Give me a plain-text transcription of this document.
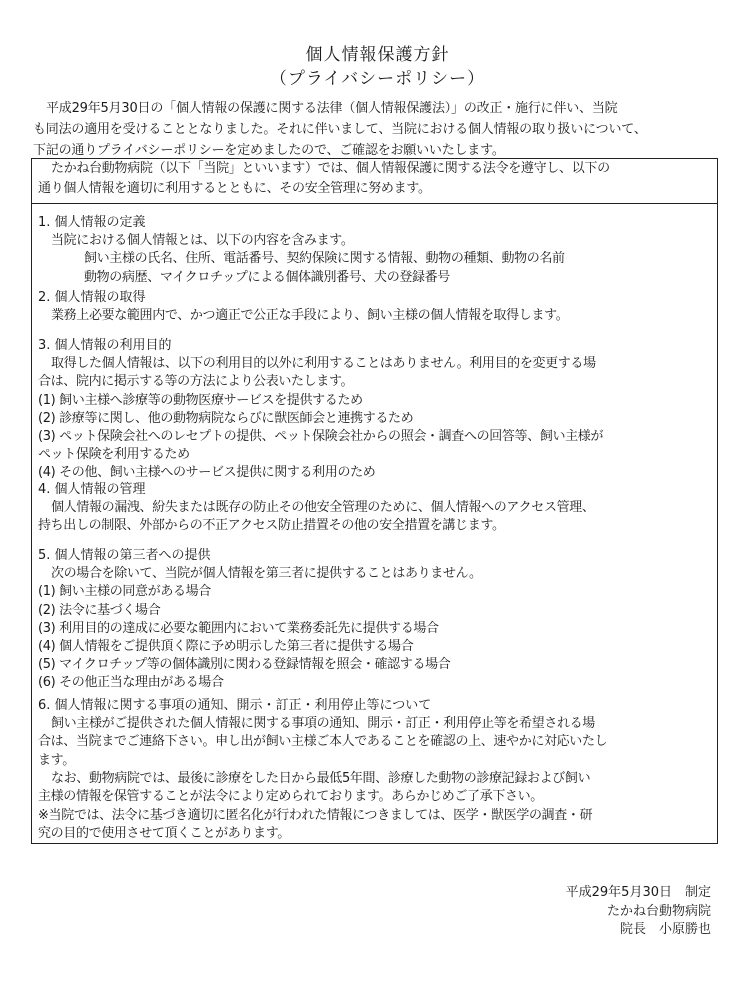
個人情報保護方針
（プライバシーポリシー）
平成29年5月30日の「個人情報の保護に関する法律（個人情報保護法）」の改正・施行に伴い、当院
も同法の適用を受けることとなりました。それに伴いまして、当院における個人情報の取り扱いについて、
下記の通りプライバシーポリシーを定めましたので、ご確認をお願いいたします。
たかね台動物病院（以下「当院」といいます）では、個人情報保護に関する法令を遵守し、以下の
通り個人情報を適切に利用するとともに、その安全管理に努めます。
1. 個人情報の定義
当院における個人情報とは、以下の内容を含みます。
飼い主様の氏名、住所、電話番号、契約保険に関する情報、動物の種類、動物の名前
動物の病歴、マイクロチップによる個体識別番号、犬の登録番号
2. 個人情報の取得
業務上必要な範囲内で、かつ適正で公正な手段により、飼い主様の個人情報を取得します。
3. 個人情報の利用目的
取得した個人情報は、以下の利用目的以外に利用することはありません。利用目的を変更する場
合は、院内に掲示する等の方法により公表いたします。
(1) 飼い主様へ診療等の動物医療サービスを提供するため
(2) 診療等に関し、他の動物病院ならびに獣医師会と連携するため
(3) ペット保険会社へのレセプトの提供、ペット保険会社からの照会・調査への回答等、飼い主様が
ペット保険を利用するため
(4) その他、飼い主様へのサービス提供に関する利用のため
4. 個人情報の管理
個人情報の漏洩、紛失または既存の防止その他安全管理のために、個人情報へのアクセス管理、
持ち出しの制限、外部からの不正アクセス防止措置その他の安全措置を講じます。
5. 個人情報の第三者への提供
次の場合を除いて、当院が個人情報を第三者に提供することはありません。
(1) 飼い主様の同意がある場合
(2) 法令に基づく場合
(3) 利用目的の達成に必要な範囲内において業務委託先に提供する場合
(4) 個人情報をご提供頂く際に予め明示した第三者に提供する場合
(5) マイクロチップ等の個体識別に関わる登録情報を照会・確認する場合
(6) その他正当な理由がある場合
6. 個人情報に関する事項の通知、開示・訂正・利用停止等について
飼い主様がご提供された個人情報に関する事項の通知、開示・訂正・利用停止等を希望される場
合は、当院までご連絡下さい。申し出が飼い主様ご本人であることを確認の上、速やかに対応いたし
ます。
なお、動物病院では、最後に診療をした日から最低5年間、診療した動物の診療記録および飼い
主様の情報を保管することが法令により定められております。あらかじめご了承下さい。
※当院では、法令に基づき適切に匿名化が行われた情報につきましては、医学・獣医学の調査・研
究の目的で使用させて頂くことがあります。
平成29年5月30日　制定
たかね台動物病院
院長　小原勝也
